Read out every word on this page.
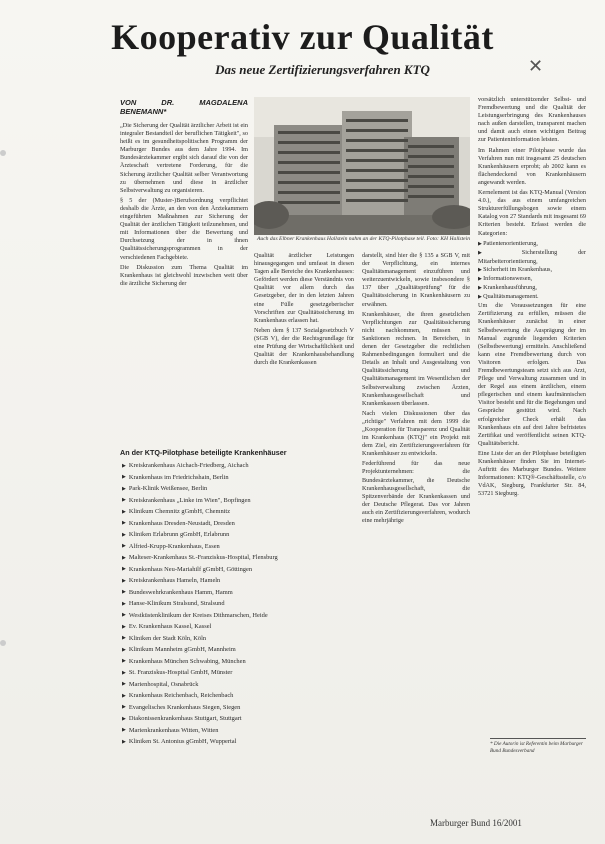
Kooperativ zur Qualität
Das neue Zertifizierungsverfahren KTQ	✕
VON DR. MAGDALENA BENEMANN*

„Die Sicherung der Qualität ärztlicher Arbeit ist ein integraler Bestandteil der beruflichen Tätigkeit", so heißt es im gesundheitspolitischen Programm der Marburger Bundes aus dem Jahre 1994. Im Bundesärztekammer ergibt sich darauf die von der Ärzteschaft vertretene Forderung, für die Sicherung ärztlicher Qualität selber Verantwortung zu übernehmen und diese in ärztlicher Selbstverwaltung zu organisieren.

§ 5 der (Muster-)Berufsordnung verpflichtet deshalb die Ärzte, an den von den Ärztekammern eingeführten Maßnahmen zur Sicherung der Qualität der ärztlichen Tätigkeit teilzunehmen, und mit Informationen über die Bewertung und Durchsetzung der in ihnen Qualitätssicherungsprogrammen in der verschiedenen Fachgebiete.

Die Diskussion zum Thema Qualität im Krankenhaus ist gleichwohl inzwischen weit über die ärztliche Sicherung der

Auch das Elbner Krankenhaus Hallstein nahm an der KTQ-Pilotphase teil. Foto: KH Hallstein

Qualität ärztlicher Leistungen hinausgegangen und umfasst in diesen Tagen alle Bereiche des Krankenhauses: Gefördert werden diese Verständnis von Qualität vor allem durch das Gesetzgeber, der in den letzten Jahren eine Fülle gesetzgeberischer Vorschriften zur Qualitätssicherung im Krankenhaus erlassen hat.

Neben dem § 137 Sozialgesetzbuch V (SGB V), der die Rechtsgrundlage für eine Prüfung der Wirtschaftlichkeit und Qualität der Krankenhausbehandlung durch die Krankenkassen

darstellt, sind hier die § 135 a SGB V, mit der Verpflichtung, ein internes Qualitätsmanagement einzuführen und weiterzuentwickeln, sowie insbesondere § 137 über „Qualitätsprüfung" für die Qualitätssicherung in Krankenhäusern zu erwähnen.

Krankenhäuser, die ihren gesetzlichen Verpflichtungen zur Qualitätssicherung nicht nachkommen, müssen mit Sanktionen rechnen. In Bereichen, in denen der Gesetzgeber die rechtlichen Rahmenbedingungen formuliert und die Details an Inhalt und Ausgestaltung von Qualitätssicherung und Qualitätsmanagement im Wesentlichen der Selbstverwaltung zwischen Ärzten, Krankenhausgesellschaft und Krankenkassen überlassen.

Nach vielen Diskussionen über das „richtige" Verfahren mit dem 1999 die „Kooperation für Transparenz und Qualität im Krankenhaus (KTQ)" ein Projekt mit dem Ziel, ein Zertifizierungsverfahren für Krankenhäuser zu entwickeln.

Federführend für das neue Projektunternehmen: die Bundesärztekammer, die Deutsche Krankenhausgesellschaft, die Spitzenverbände der Krankenkassen und der Deutsche Pflegerat. Das vor Jahren auch ein Zertifizierungsverfahren, wodurch eine mehrjährige

vorsätzlich unterstützender Selbst- und Fremdbewertung und die Qualität der Leistungserbringung des Krankenhauses nach außen darstellen, transparent machen und damit auch einen wichtigen Beitrag zur Patienteninformation leisten.

Im Rahmen einer Pilotphase wurde das Verfahren nun mit insgesamt 25 deutschen Krankenhäusern erprobt; ab 2002 kann es flächendeckend von Krankenhäusern angewandt werden.

Kernelement ist das KTQ-Manual (Version 4.0.), das aus einem umfangreichen Strukturerfüllungsbogen sowie einem Katalog von 27 Standards mit insgesamt 69 Kriterien besteht. Erfasst werden die Kategorien:

▶ Patientenorientierung,
▶ Sicherstellung der Mitarbeiterorientierung,
▶ Sicherheit im Krankenhaus,
▶ Informationswesen,
▶ Krankenhausführung,
▶ Qualitätsmanagement.

Um die Voraussetzungen für eine Zertifizierung zu erfüllen, müssen die Krankenhäuser zunächst in einer Selbstbewertung die Ausprägung der im Manual zugrunde liegenden Kriterien (Selbstbewertung) ermitteln. Anschließend kann eine Fremdbewertung durch von Visitoren erfolgen. Das Fremdbewertungsteam setzt sich aus Arzt, Pflege und Verwaltung zusammen und in der Regel aus einem ärztlichen, einem pflegerischen und einem kaufmännischen Visitor besteht und für die Begehungen und Gespräche gestützt wird. Nach erfolgreicher Check erhält das Krankenhaus ein auf drei Jahre befristetes Zertifikat und veröffentlicht seinen KTQ-Qualitätsbericht.

Eine Liste der an der Pilotphase beteiligten Krankenhäuser finden Sie im Internet-Auftritt des Marburger Bundes. Weitere Informationen: KTQ®-Geschäftsstelle, c/o VdAK, Siegburg, Frankfurter Str. 84, 53721 Siegburg.

An der KTQ-Pilotphase beteiligte Krankenhäuser
▶ Kreiskrankenhaus Aichach-Friedberg, Aichach
▶ Krankenhaus im Friedrichshain, Berlin
▶ Park-Klinik Weißensee, Berlin
▶ Kreiskrankenhaus „Linke im Wien", Bopfingen
▶ Klinikum Chemnitz gGmbH, Chemnitz
▶ Krankenhaus Dresden-Neustadt, Dresden
▶ Kliniken Erlabrunn gGmbH, Erlabrunn
▶ Alfried-Krupp-Krankenhaus, Essen
▶ Malteser-Krankenhaus St.-Franziskus-Hospital, Flensburg
▶ Krankenhaus Neu-Mariahilf gGmbH, Göttingen
▶ Kreiskrankenhaus Hameln, Hameln
▶ Bundeswehrkrankenhaus Hamm, Hamm
▶ Hanse-Klinikum Stralsund, Stralsund
▶ Westküstenklinikum der Kreises Dithmarschen, Heide
▶ Ev. Krankenhaus Kassel, Kassel
▶ Kliniken der Stadt Köln, Köln
▶ Klinikum Mannheim gGmbH, Mannheim
▶ Krankenhaus München Schwabing, München
▶ St. Franziskus-Hospital GmbH, Münster
▶ Marienhospital, Osnabrück
▶ Krankenhaus Reichenbach, Reichenbach
▶ Evangelisches Krankenhaus Siegen, Siegen
▶ Diakonissenkrankenhaus Stuttgart, Stuttgart
▶ Marienkrankenhaus Witten, Witten
▶ Kliniken St. Antonius gGmbH, Wuppertal	* Die Autorin ist Referentin beim Marburger Bund Bundesverband
Marburger Bund 16/2001
